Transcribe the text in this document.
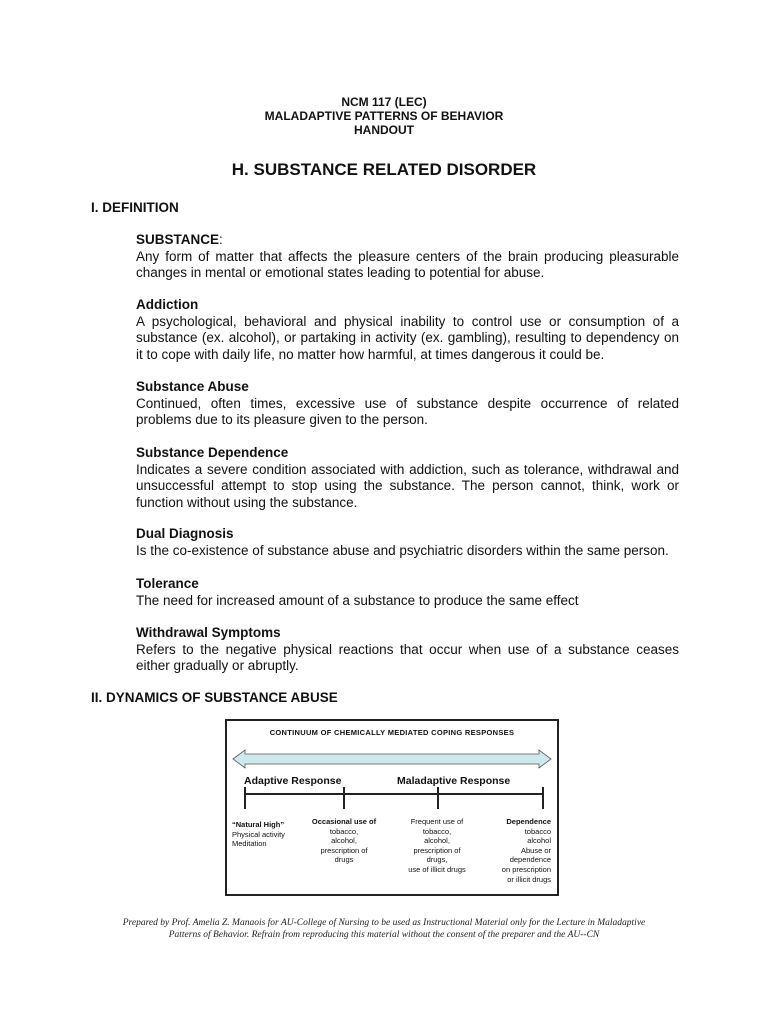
NCM 117 (LEC)
MALADAPTIVE PATTERNS OF BEHAVIOR
HANDOUT
H. SUBSTANCE RELATED DISORDER
I. DEFINITION
SUBSTANCE:
Any form of matter that affects the pleasure centers of the brain producing pleasurable changes in mental or emotional states leading to potential for abuse.
Addiction
A psychological, behavioral and physical inability to control use or consumption of a substance (ex. alcohol), or partaking in activity (ex. gambling), resulting to dependency on it to cope with daily life, no matter how harmful, at times dangerous it could be.
Substance Abuse
Continued, often times, excessive use of substance despite occurrence of related problems due to its pleasure given to the person.
Substance Dependence
Indicates a severe condition associated with addiction, such as tolerance, withdrawal and unsuccessful attempt to stop using the substance. The person cannot, think, work or function without using the substance.
Dual Diagnosis
Is the co-existence of substance abuse and psychiatric disorders within the same person.
Tolerance
The need for increased amount of a substance to produce the same effect
Withdrawal Symptoms
Refers to the negative physical reactions that occur when use of a substance ceases either gradually or abruptly.
II. DYNAMICS OF SUBSTANCE ABUSE
CONTINUUM OF CHEMICALLY MEDIATED COPING RESPONSES
Adaptive Response	Maladaptive Response
“Natural High”
Physical activity
Meditation
Occasional use of
tobacco,
alcohol,
prescription of
drugs
Frequent use of
tobacco,
alcohol,
prescription of
drugs,
use of illicit drugs
Dependence
tobacco
alcohol
Abuse or
dependence
on prescription
or illicit drugs
Prepared by Prof. Amelia Z. Manaois for AU-College of Nursing to be used as Instructional Material only for the Lecture in Maladaptive
Patterns of Behavior. Refrain from reproducing this material without the consent of the preparer and the AU--CN
